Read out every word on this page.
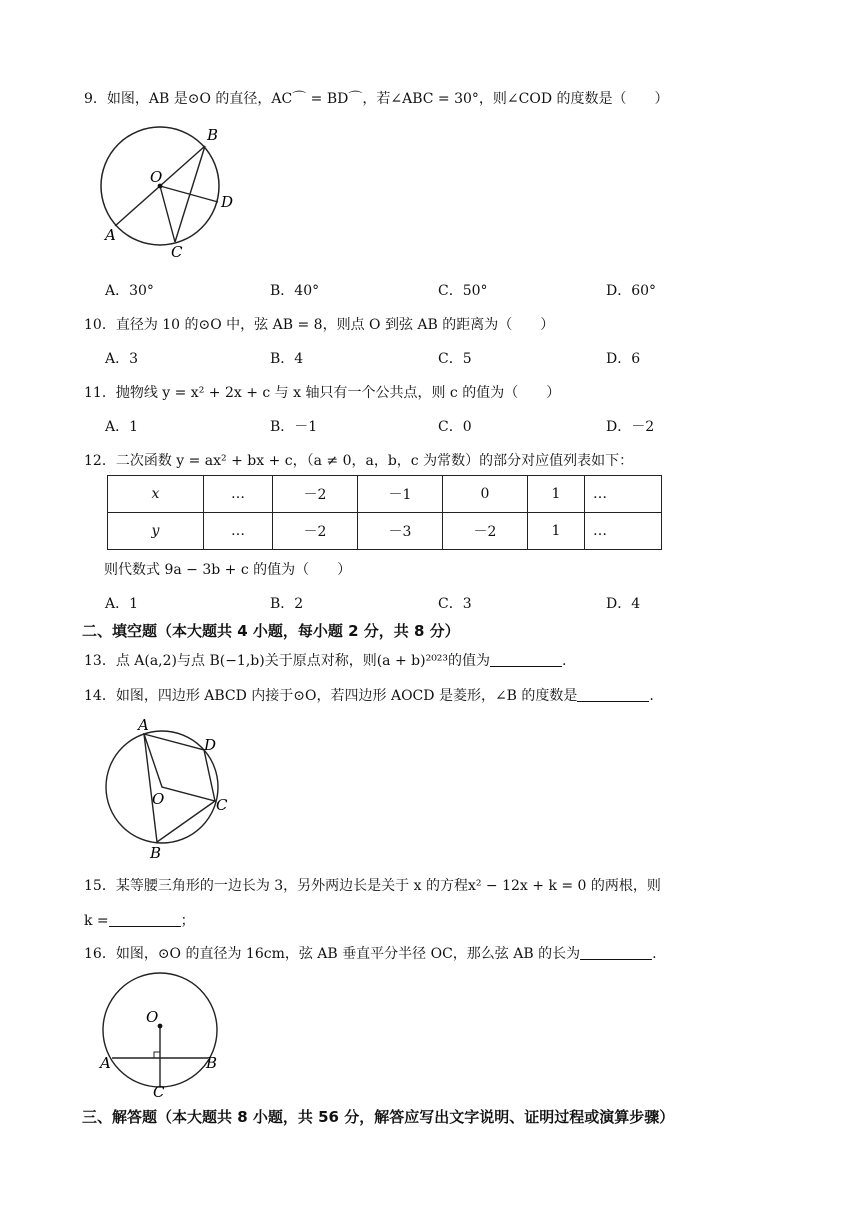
9．如图，AB 是⊙O 的直径，AC⌒ = BD⌒，若∠ABC = 30°，则∠COD 的度数是（　　）
O
B
D
A
C
A．30°	B．40°	C．50°	D．60°
10．直径为 10 的⊙O 中，弦 AB = 8，则点 O 到弦 AB 的距离为（　　）
A．3	B．4	C．5	D．6
11．抛物线 y = x² + 2x + c 与 x 轴只有一个公共点，则 c 的值为（　　）
A．1	B．－1	C．0	D．－2
12．二次函数 y = ax² + bx + c，（a ≠ 0，a，b，c 为常数）的部分对应值列表如下：
x	…	－2	－1	0	1	…
y	…	－2	－3	－2	1	…
则代数式 9a − 3b + c 的值为（　　）
A．1	B．2	C．3	D．4
二、填空题（本大题共 4 小题，每小题 2 分，共 8 分）
13．点 A(a,2)与点 B(−1,b)关于原点对称，则(a + b)²⁰²³的值为	.
14．如图，四边形 ABCD 内接于⊙O，若四边形 AOCD 是菱形，∠B 的度数是	.
A
D
C
O
B
15．某等腰三角形的一边长为 3，另外两边长是关于 x 的方程x² − 12x + k = 0 的两根，则
k =	；
16．如图，⊙O 的直径为 16cm，弦 AB 垂直平分半径 OC，那么弦 AB 的长为	.
O
A	B
C
三、解答题（本大题共 8 小题，共 56 分，解答应写出文字说明、证明过程或演算步骤）
